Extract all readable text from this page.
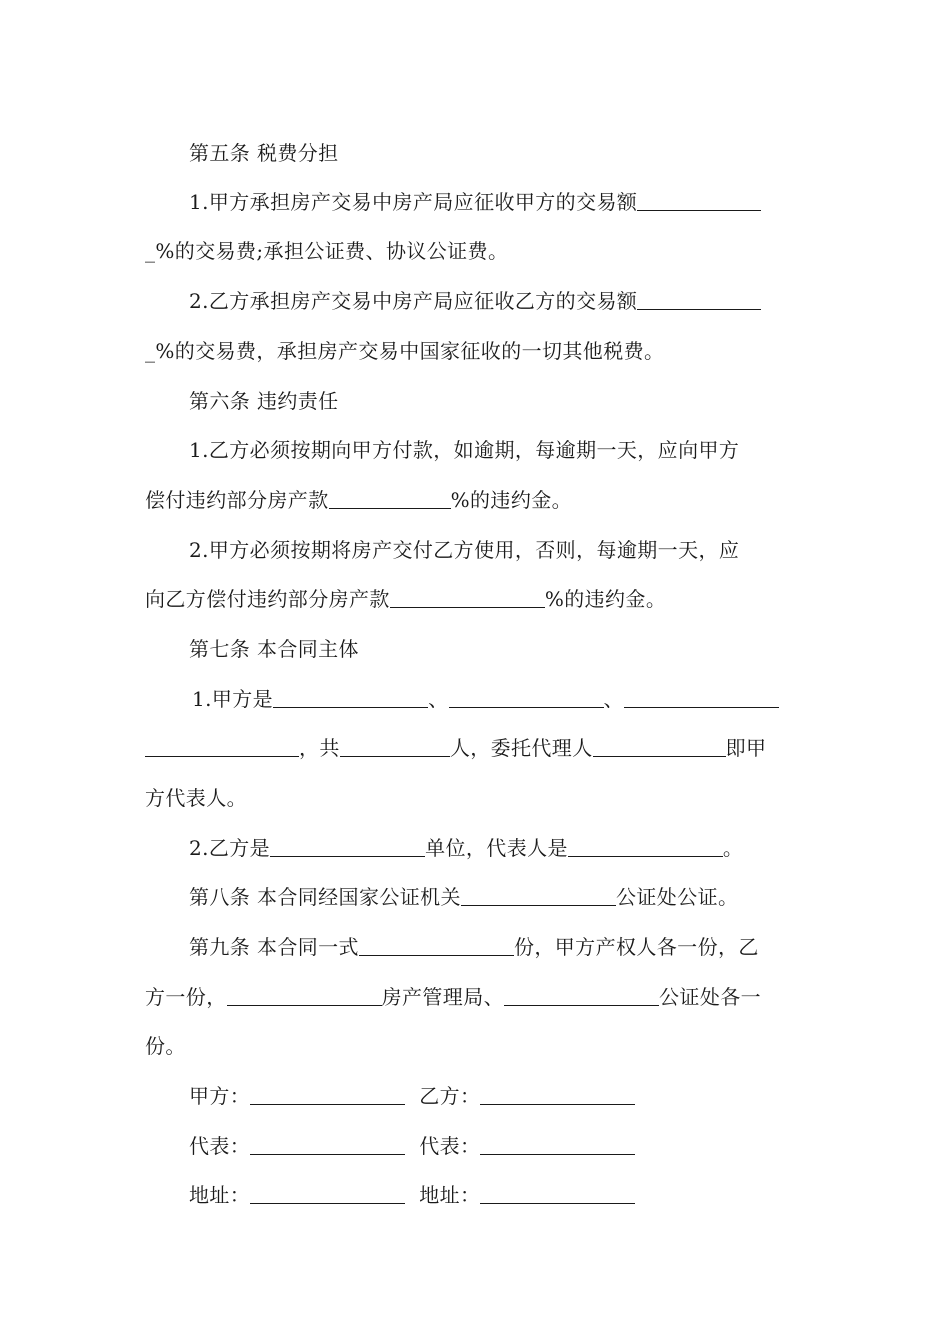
第五条 税费分担
1.甲方承担房产交易中房产局应征收甲方的交易额
_%的交易费;承担公证费、协议公证费。
2.乙方承担房产交易中房产局应征收乙方的交易额
_%的交易费，承担房产交易中国家征收的一切其他税费。
第六条 违约责任
1.乙方必须按期向甲方付款，如逾期，每逾期一天，应向甲方
偿付违约部分房产款	%的违约金。
2.甲方必须按期将房产交付乙方使用，否则，每逾期一天，应
向乙方偿付违约部分房产款	%的违约金。
第七条 本合同主体
1.甲方是	、	、
，共	人，委托代理人	即甲
方代表人。
2.乙方是	单位，代表人是	。
第八条 本合同经国家公证机关	公证处公证。
第九条 本合同一式	份，甲方产权人各一份，乙
方一份，	房产管理局、	公证处各一
份。
甲方：	乙方：
代表：	代表：
地址：	地址：
